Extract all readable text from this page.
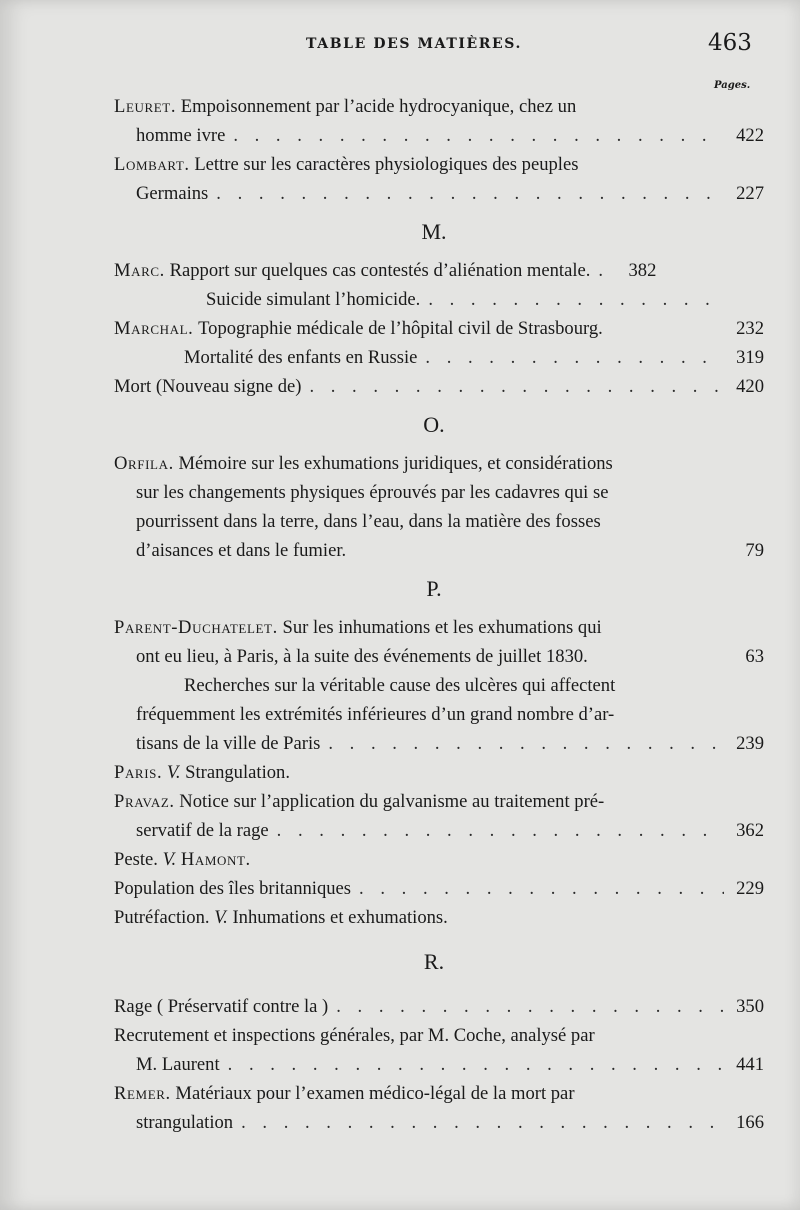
TABLE DES MATIÈRES.	463
Pages.
Leuret. Empoisonnement par l’acide hydrocyanique, chez un
homme ivre . . .	422
Lombart.
Lettre sur les caractères physiologiques des peuples
Germains . . .	227
M.
Marc.
Rapport sur quelques cas contestés d’aliénation mentale. . . . 382
Suicide simulant l’homicide.
. . .
Marchal.
Topographie médicale de l’hôpital civil de Strasbourg.	232
Mortalité des enfants en Russie . . .	319
Mort (Nouveau signe de) . . .	420
O.
Orfila.
Mémoire sur les exhumations juridiques, et considérations
sur les changements physiques éprouvés par les cadavres qui se
pourrissent dans la terre, dans l’eau, dans la matière des fosses
d’aisances et dans le fumier.	79
P.
Parent-Duchatelet.
Sur les inhumations et les exhumations qui
ont eu lieu, à Paris, à la suite des événements de juillet 1830.	63
Recherches sur la véritable cause des ulcères qui affectent
fréquemment les extrémités inférieures d’un grand nombre d’ar-
tisans de la ville de Paris . . .	239
Paris.
V.
Strangulation.
Pravaz.
Notice sur l’application du galvanisme au traitement pré-
servatif de la rage . . .	362
Peste.
V.
Hamont.
Population des îles britanniques . . .	229
Putréfaction.
V.
Inhumations et exhumations.
R.
Rage ( Préservatif contre la ) . . .	350
Recrutement et inspections générales, par M. Coche, analysé par
M. Laurent . . .	441
Remer.
Matériaux pour l’examen médico-légal de la mort par
strangulation . . .	166
